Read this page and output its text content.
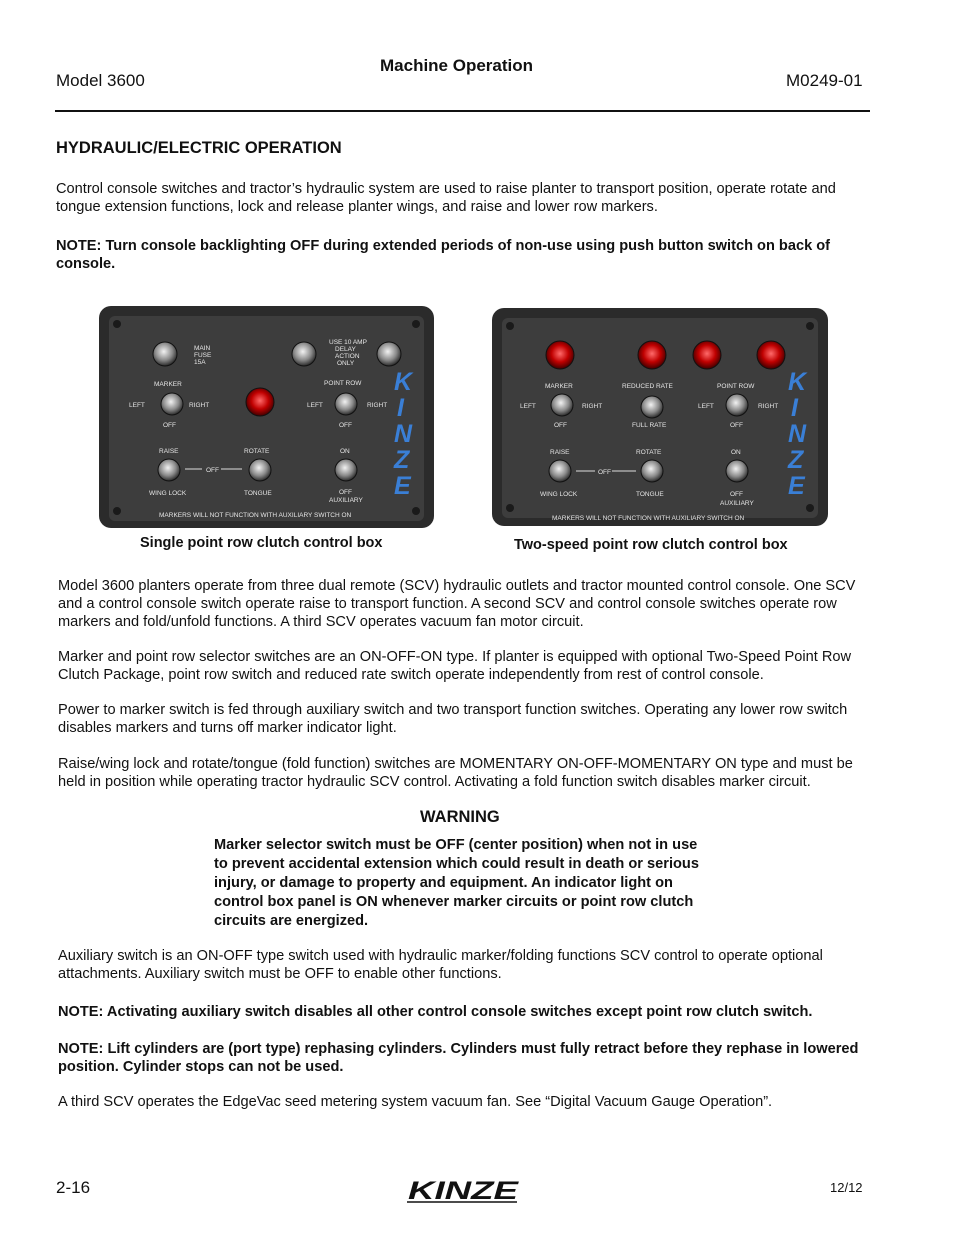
Model 3600
Machine Operation
M0249-01
HYDRAULIC/ELECTRIC OPERATION
Control console switches and tractor’s hydraulic system are used to raise planter to transport position, operate rotate and tongue extension functions, lock and release planter wings, and raise and lower row markers.
NOTE: Turn console backlighting OFF during extended periods of non-use using push button switch on back of console.
MAIN
FUSE
15A
USE 10 AMP
DELAY
ACTION
ONLY
MARKER
LEFT	RIGHT
OFF
POINT ROW
LEFT	RIGHT
OFF
RAISE
WING LOCK
OFF
ROTATE
TONGUE
ON
OFF
AUXILIARY
K
I
N
Z
E
MARKERS WILL NOT FUNCTION WITH AUXILIARY SWITCH ON
Single point row clutch control box
MARKER
LEFT	RIGHT
OFF
REDUCED RATE
FULL RATE
POINT ROW
LEFT	RIGHT
OFF
RAISE
WING LOCK
OFF
ROTATE
TONGUE
ON
OFF
AUXILIARY
K
I
N
Z
E
MARKERS WILL NOT FUNCTION WITH AUXILIARY SWITCH ON
Two-speed point row clutch control box
Model 3600 planters operate from three dual remote (SCV) hydraulic outlets and tractor mounted control console. One SCV and a control console switch operate raise to transport function. A second SCV and control console switches operate row markers and fold/unfold functions. A third SCV operates vacuum fan motor circuit.
Marker and point row selector switches are an ON-OFF-ON type. If planter is equipped with optional Two-Speed Point Row Clutch Package, point row switch and reduced rate switch operate independently from rest of control console.
Power to marker switch is fed through auxiliary switch and two transport function switches. Operating any lower row switch disables markers and turns off marker indicator light.
Raise/wing lock and rotate/tongue (fold function) switches are MOMENTARY ON-OFF-MOMENTARY ON type and must be held in position while operating tractor hydraulic SCV control. Activating a fold function switch disables marker circuit.
WARNING
Marker selector switch must be OFF (center position) when not in use to prevent accidental extension which could result in death or serious injury, or damage to property and equipment. An indicator light on control box panel is ON whenever marker circuits or point row clutch circuits are energized.
Auxiliary switch is an ON-OFF type switch used with hydraulic marker/folding functions SCV control to operate optional attachments. Auxiliary switch must be OFF to enable other functions.
NOTE: Activating auxiliary switch disables all other control console switches except point row clutch switch.
NOTE: Lift cylinders are (port type) rephasing cylinders. Cylinders must fully retract before they rephase in lowered position. Cylinder stops can not be used.
A third SCV operates the EdgeVac seed metering system vacuum fan. See “Digital Vacuum Gauge Operation”.
2-16	KINZE	12/12
